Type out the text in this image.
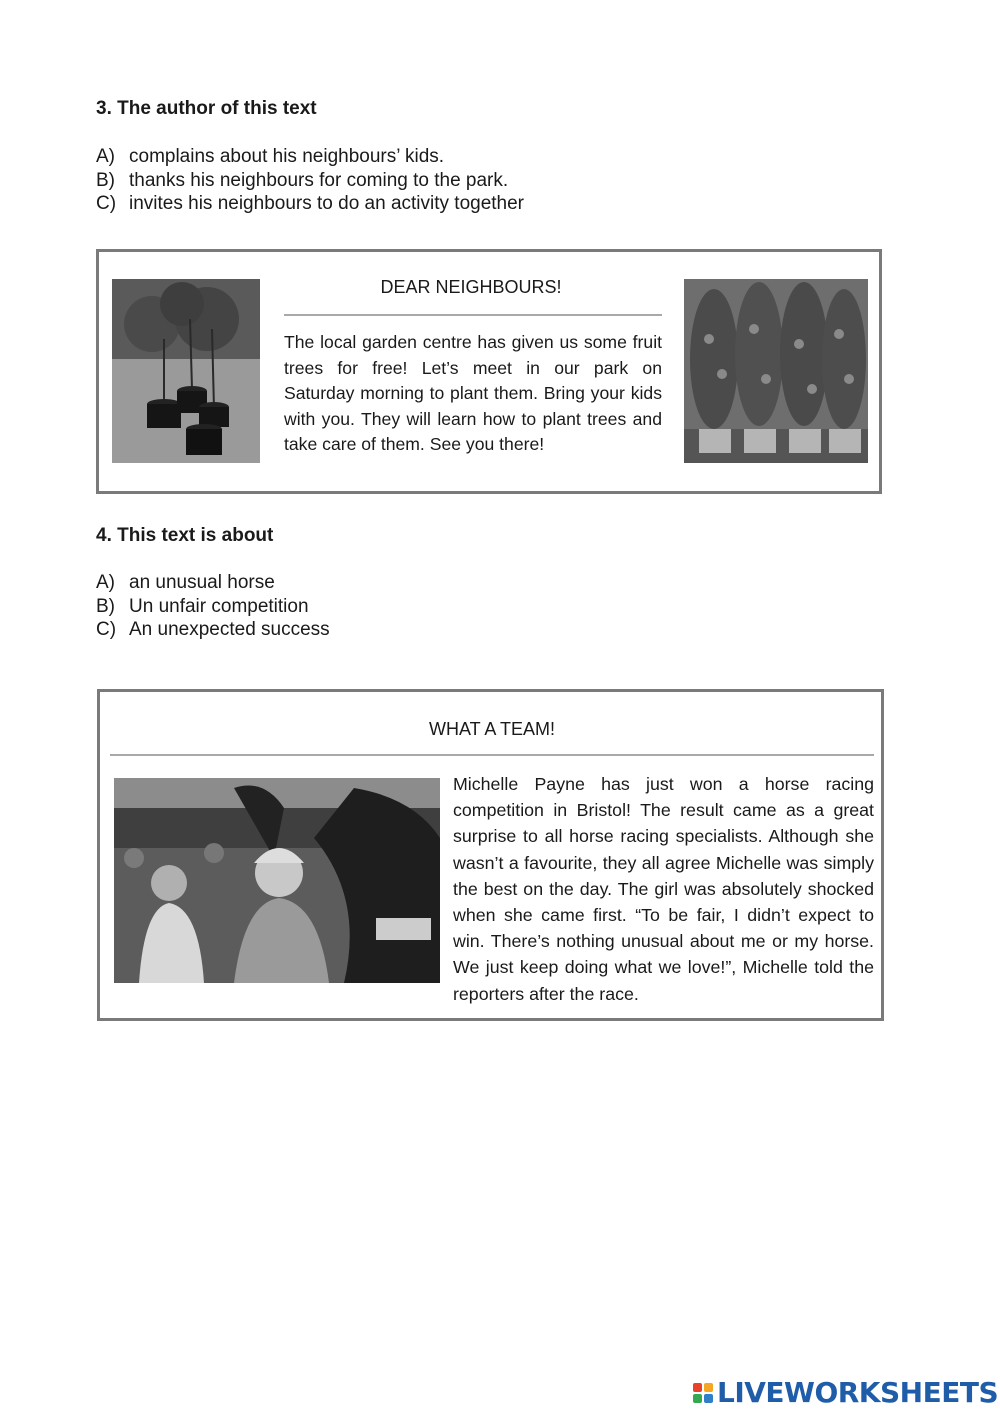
3. The author of this text
A) complains about his neighbours’ kids.
B) thanks his neighbours for coming to the park.
C) invites his neighbours to do an activity together
DEAR NEIGHBOURS!
The local garden centre has given us some fruit trees for free! Let’s meet in our park on Saturday morning to plant them. Bring your kids with you. They will learn how to plant trees and take care of them. See you there!
4. This text is about
A) an unusual horse
B) Un unfair competition
C) An unexpected success
WHAT A TEAM!
Michelle Payne has just won a horse racing competition in Bristol! The result came as a great surprise to all horse racing specialists. Although she wasn’t a favourite, they all agree Michelle was simply the best on the day. The girl was absolutely shocked when she came first. “To be fair, I didn’t expect to win. There’s nothing unusual about me or my horse. We just keep doing what we love!”, Michelle told the reporters after the race.
LIVEWORKSHEETS
